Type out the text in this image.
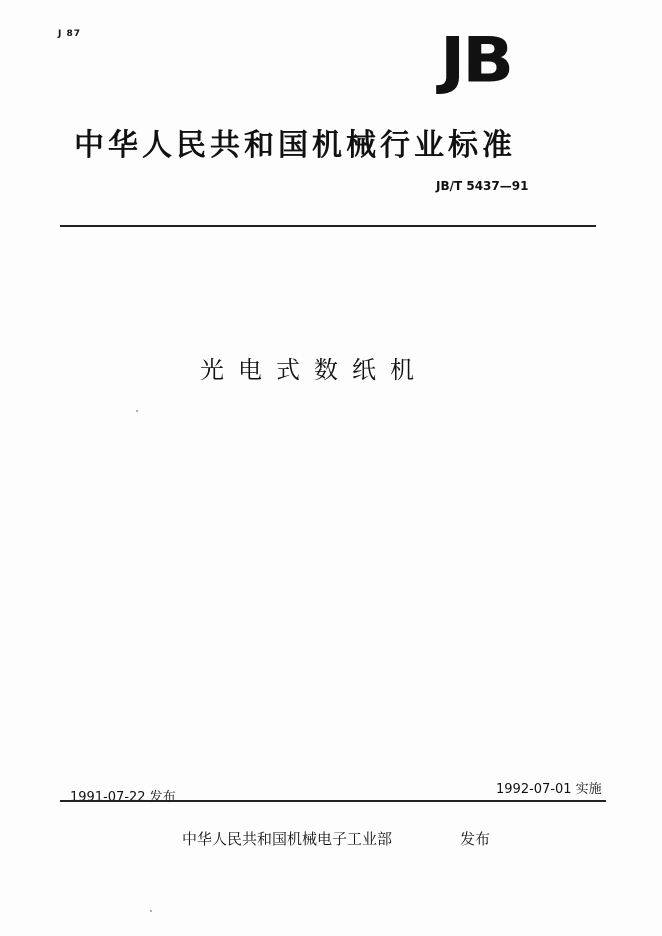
J 87	JB
中华人民共和国机械行业标准
JB/T 5437—91
光电式数纸机
1992-07-01 实施
1991-07-22 发布
中华人民共和国机械电子工业部	发布
